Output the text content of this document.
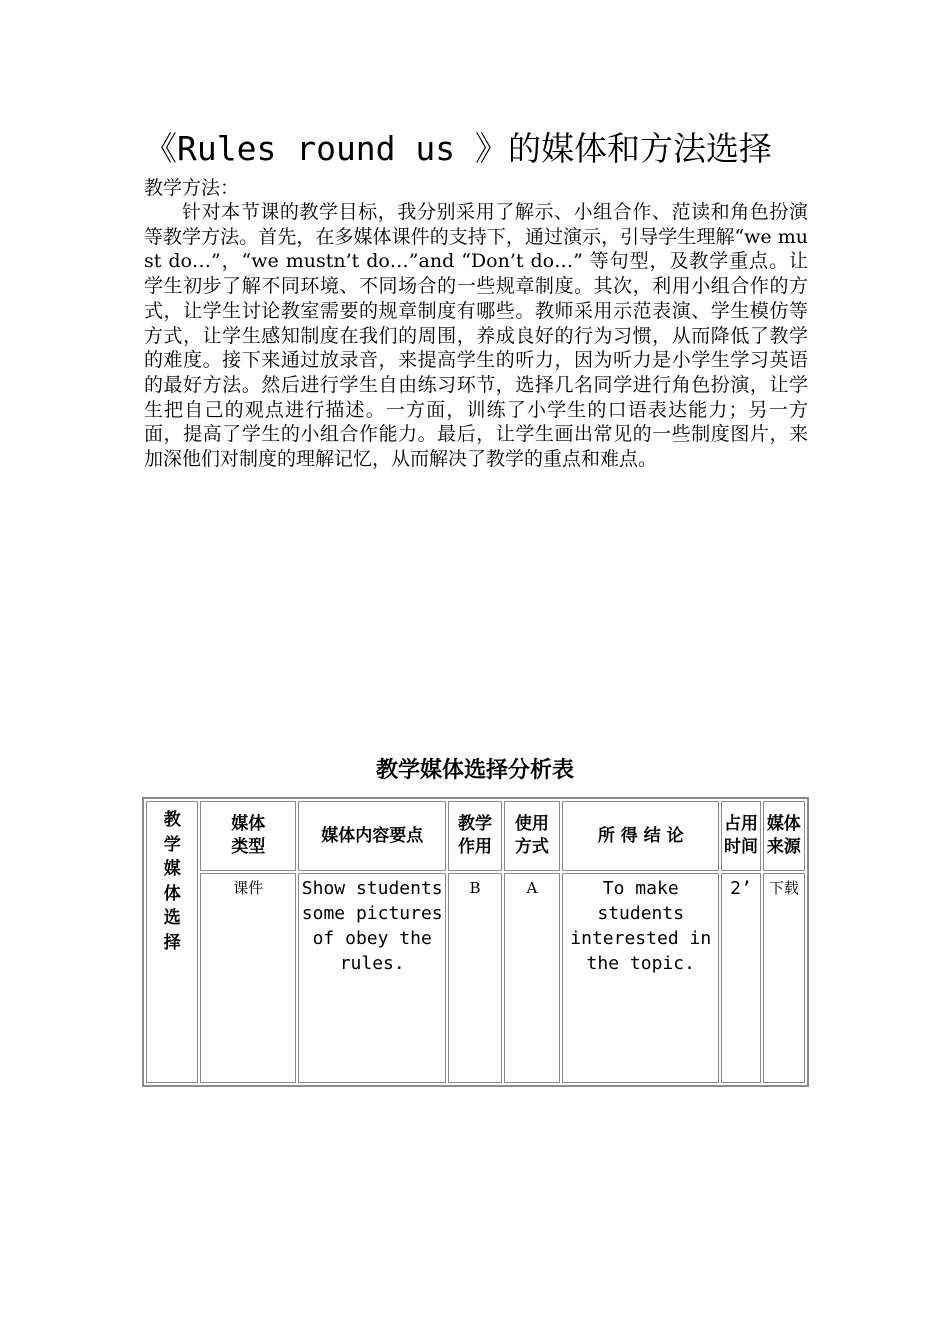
《Rules round us 》的媒体和方法选择
教学方法：
针对本节课的教学目标，我分别采用了解示、小组合作、范读和角色扮演等教学方法。首先，在多媒体课件的支持下，通过演示，引导学生理解“we must do…”，“we mustn’t do…”and “Don’t do…” 等句型，及教学重点。让学生初步了解不同环境、不同场合的一些规章制度。其次，利用小组合作的方式，让学生讨论教室需要的规章制度有哪些。教师采用示范表演、学生模仿等方式，让学生感知制度在我们的周围，养成良好的行为习惯，从而降低了教学的难度。接下来通过放录音，来提高学生的听力，因为听力是小学生学习英语的最好方法。然后进行学生自由练习环节，选择几名同学进行角色扮演，让学生把自己的观点进行描述。一方面，训练了小学生的口语表达能力；另一方面，提高了学生的小组合作能力。最后，让学生画出常见的一些制度图片，来加深他们对制度的理解记忆，从而解决了教学的重点和难点。
教学媒体选择分析表
教学媒体选择	媒体类型	媒体内容要点	教学作用	使用方式	所 得 结 论	占用时间	媒体来源
	课件	Show students some pictures of obey the rules.	B	A	To make students interested in the topic.	2’	下载
